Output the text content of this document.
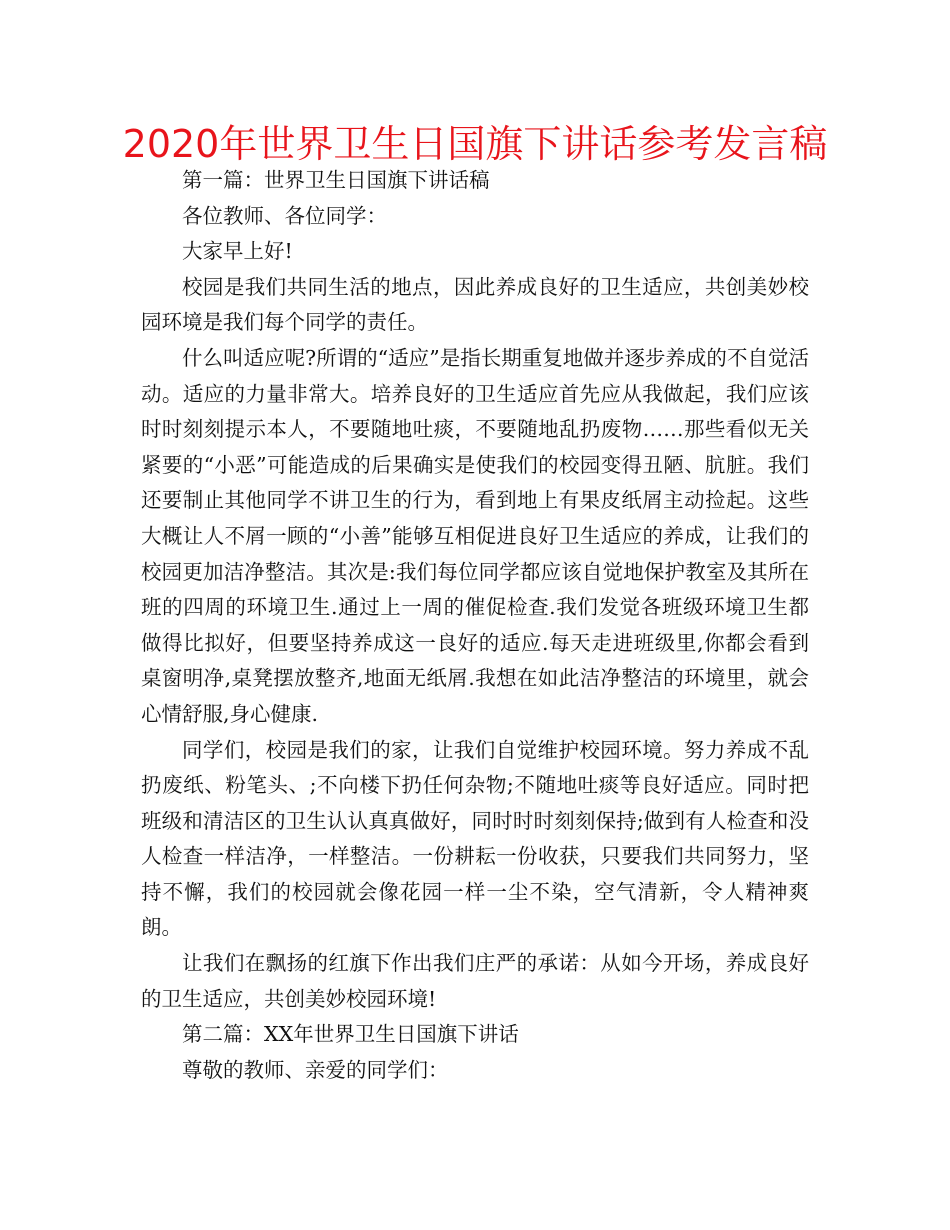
2020年世界卫生日国旗下讲话参考发言稿

第一篇：世界卫生日国旗下讲话稿

各位教师、各位同学：

大家早上好!

校园是我们共同生活的地点，因此养成良好的卫生适应，共创美妙校园环境是我们每个同学的责任。

什么叫适应呢?所谓的“适应”是指长期重复地做并逐步养成的不自觉活动。适应的力量非常大。培养良好的卫生适应首先应从我做起，我们应该时时刻刻提示本人，不要随地吐痰，不要随地乱扔废物……那些看似无关紧要的“小恶”可能造成的后果确实是使我们的校园变得丑陋、肮脏。我们还要制止其他同学不讲卫生的行为，看到地上有果皮纸屑主动捡起。这些大概让人不屑一顾的“小善”能够互相促进良好卫生适应的养成，让我们的校园更加洁净整洁。其次是:我们每位同学都应该自觉地保护教室及其所在班的四周的环境卫生.通过上一周的催促检查.我们发觉各班级环境卫生都做得比拟好，但要坚持养成这一良好的适应.每天走进班级里,你都会看到桌窗明净,桌凳摆放整齐,地面无纸屑.我想在如此洁净整洁的环境里，就会心情舒服,身心健康.

同学们，校园是我们的家，让我们自觉维护校园环境。努力养成不乱扔废纸、粉笔头、;不向楼下扔任何杂物;不随地吐痰等良好适应。同时把班级和清洁区的卫生认认真真做好，同时时时刻刻保持;做到有人检查和没人检查一样洁净，一样整洁。一份耕耘一份收获，只要我们共同努力，坚持不懈，我们的校园就会像花园一样一尘不染，空气清新，令人精神爽朗。

让我们在飘扬的红旗下作出我们庄严的承诺：从如今开场，养成良好的卫生适应，共创美妙校园环境!

第二篇：XX年世界卫生日国旗下讲话

尊敬的教师、亲爱的同学们：
